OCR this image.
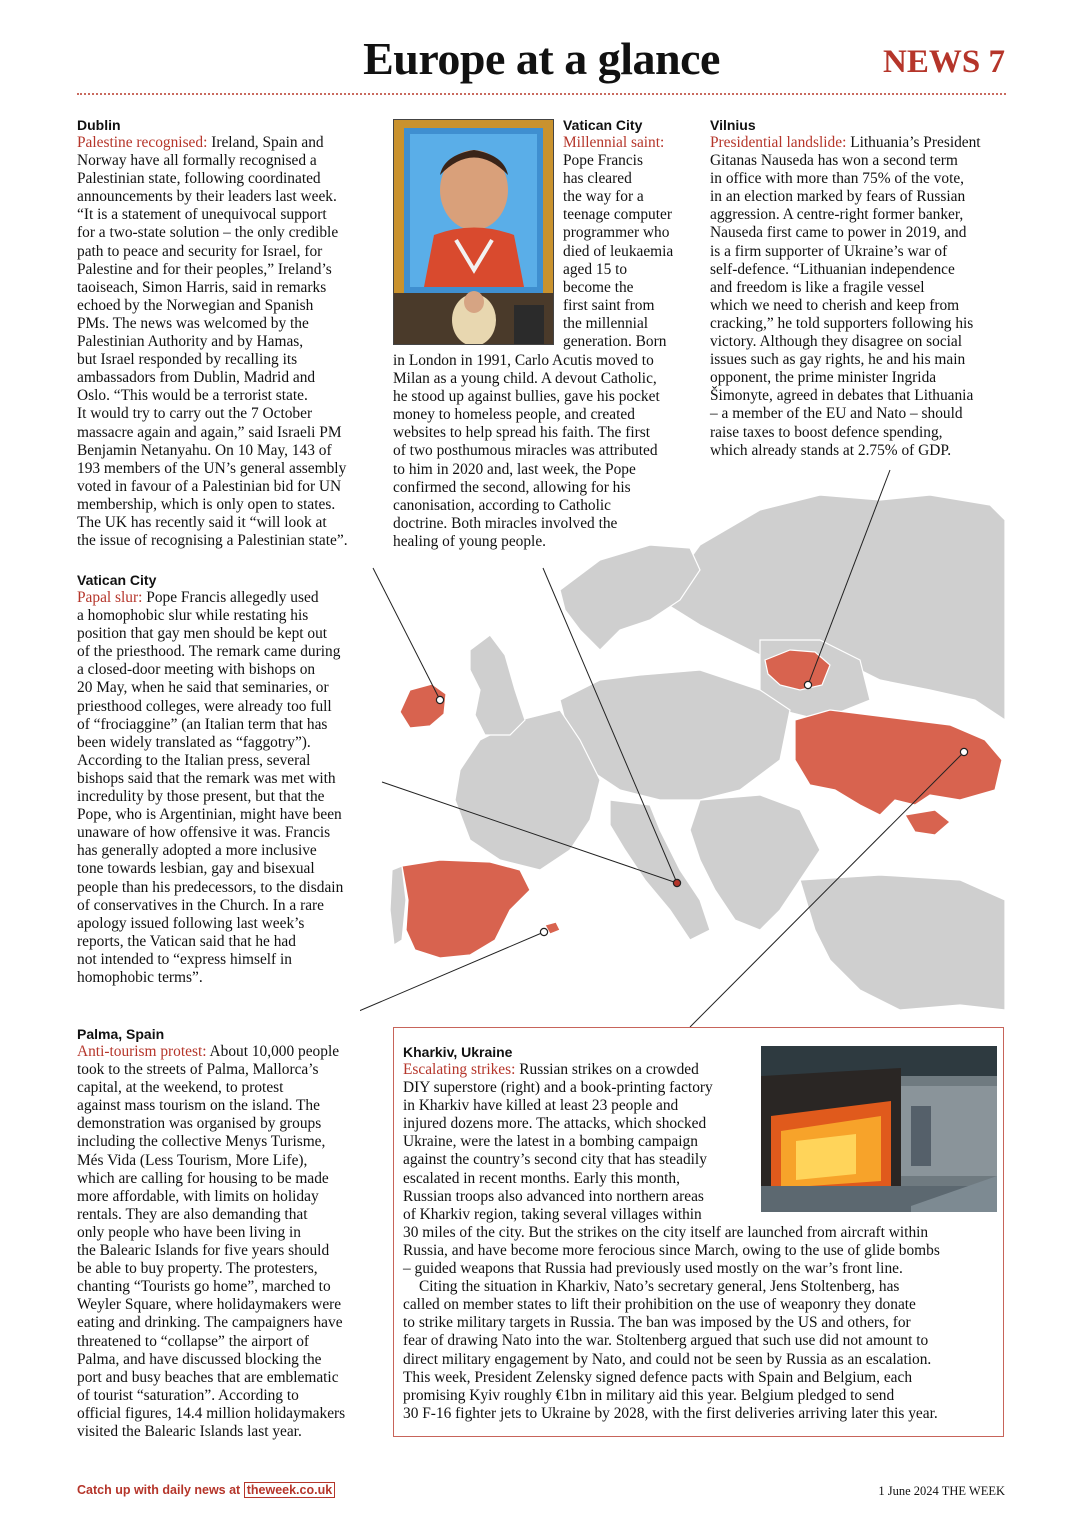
Europe at a glance	NEWS 7
Dublin
Palestine recognised: Ireland, Spain and
Norway have all formally recognised a
Palestinian state, following coordinated
announcements by their leaders last week.
“It is a statement of unequivocal support
for a two-state solution – the only credible
path to peace and security for Israel, for
Palestine and for their peoples,” Ireland’s
taoiseach, Simon Harris, said in remarks
echoed by the Norwegian and Spanish
PMs. The news was welcomed by the
Palestinian Authority and by Hamas,
but Israel responded by recalling its
ambassadors from Dublin, Madrid and
Oslo. “This would be a terrorist state.
It would try to carry out the 7 October
massacre again and again,” said Israeli PM
Benjamin Netanyahu. On 10 May, 143 of
193 members of the UN’s general assembly
voted in favour of a Palestinian bid for UN
membership, which is only open to states.
The UK has recently said it “will look at
the issue of recognising a Palestinian state”.
Vatican City
Millennial saint:
Pope Francis
has cleared
the way for a
teenage computer
programmer who
died of leukaemia
aged 15 to
become the
first saint from
the millennial
generation. Born
in London in 1991, Carlo Acutis moved to
Milan as a young child. A devout Catholic,
he stood up against bullies, gave his pocket
money to homeless people, and created
websites to help spread his faith. The first
of two posthumous miracles was attributed
to him in 2020 and, last week, the Pope
confirmed the second, allowing for his
canonisation, according to Catholic
doctrine. Both miracles involved the
healing of young people.
Vilnius
Presidential landslide: Lithuania’s President
Gitanas Nauseda has won a second term
in office with more than 75% of the vote,
in an election marked by fears of Russian
aggression. A centre-right former banker,
Nauseda first came to power in 2019, and
is a firm supporter of Ukraine’s war of
self-defence. “Lithuanian independence
and freedom is like a fragile vessel
which we need to cherish and keep from
cracking,” he told supporters following his
victory. Although they disagree on social
issues such as gay rights, he and his main
opponent, the prime minister Ingrida
Šimonyte, agreed in debates that Lithuania
– a member of the EU and Nato – should
raise taxes to boost defence spending,
which already stands at 2.75% of GDP.
Vatican City
Papal slur: Pope Francis allegedly used
a homophobic slur while restating his
position that gay men should be kept out
of the priesthood. The remark came during
a closed-door meeting with bishops on
20 May, when he said that seminaries, or
priesthood colleges, were already too full
of “frociaggine” (an Italian term that has
been widely translated as “faggotry”).
According to the Italian press, several
bishops said that the remark was met with
incredulity by those present, but that the
Pope, who is Argentinian, might have been
unaware of how offensive it was. Francis
has generally adopted a more inclusive
tone towards lesbian, gay and bisexual
people than his predecessors, to the disdain
of conservatives in the Church. In a rare
apology issued following last week’s
reports, the Vatican said that he had
not intended to “express himself in
homophobic terms”.
Palma, Spain
Anti-tourism protest: About 10,000 people
took to the streets of Palma, Mallorca’s
capital, at the weekend, to protest
against mass tourism on the island. The
demonstration was organised by groups
including the collective Menys Turisme,
Més Vida (Less Tourism, More Life),
which are calling for housing to be made
more affordable, with limits on holiday
rentals. They are also demanding that
only people who have been living in
the Balearic Islands for five years should
be able to buy property. The protesters,
chanting “Tourists go home”, marched to
Weyler Square, where holidaymakers were
eating and drinking. The campaigners have
threatened to “collapse” the airport of
Palma, and have discussed blocking the
port and busy beaches that are emblematic
of tourist “saturation”. According to
official figures, 14.4 million holidaymakers
visited the Balearic Islands last year.
Kharkiv, Ukraine
Escalating strikes: Russian strikes on a crowded
DIY superstore (right) and a book-printing factory
in Kharkiv have killed at least 23 people and
injured dozens more. The attacks, which shocked
Ukraine, were the latest in a bombing campaign
against the country’s second city that has steadily
escalated in recent months. Early this month,
Russian troops also advanced into northern areas
of Kharkiv region, taking several villages within
30 miles of the city. But the strikes on the city itself are launched from aircraft within
Russia, and have become more ferocious since March, owing to the use of glide bombs
– guided weapons that Russia had previously used mostly on the war’s front line.
Citing the situation in Kharkiv, Nato’s secretary general, Jens Stoltenberg, has
called on member states to lift their prohibition on the use of weaponry they donate
to strike military targets in Russia. The ban was imposed by the US and others, for
fear of drawing Nato into the war. Stoltenberg argued that such use did not amount to
direct military engagement by Nato, and could not be seen by Russia as an escalation.
This week, President Zelensky signed defence pacts with Spain and Belgium, each
promising Kyiv roughly €1bn in military aid this year. Belgium pledged to send
30 F-16 fighter jets to Ukraine by 2028, with the first deliveries arriving later this year.
Catch up with daily news at theweek.co.uk	1 June 2024 THE WEEK
